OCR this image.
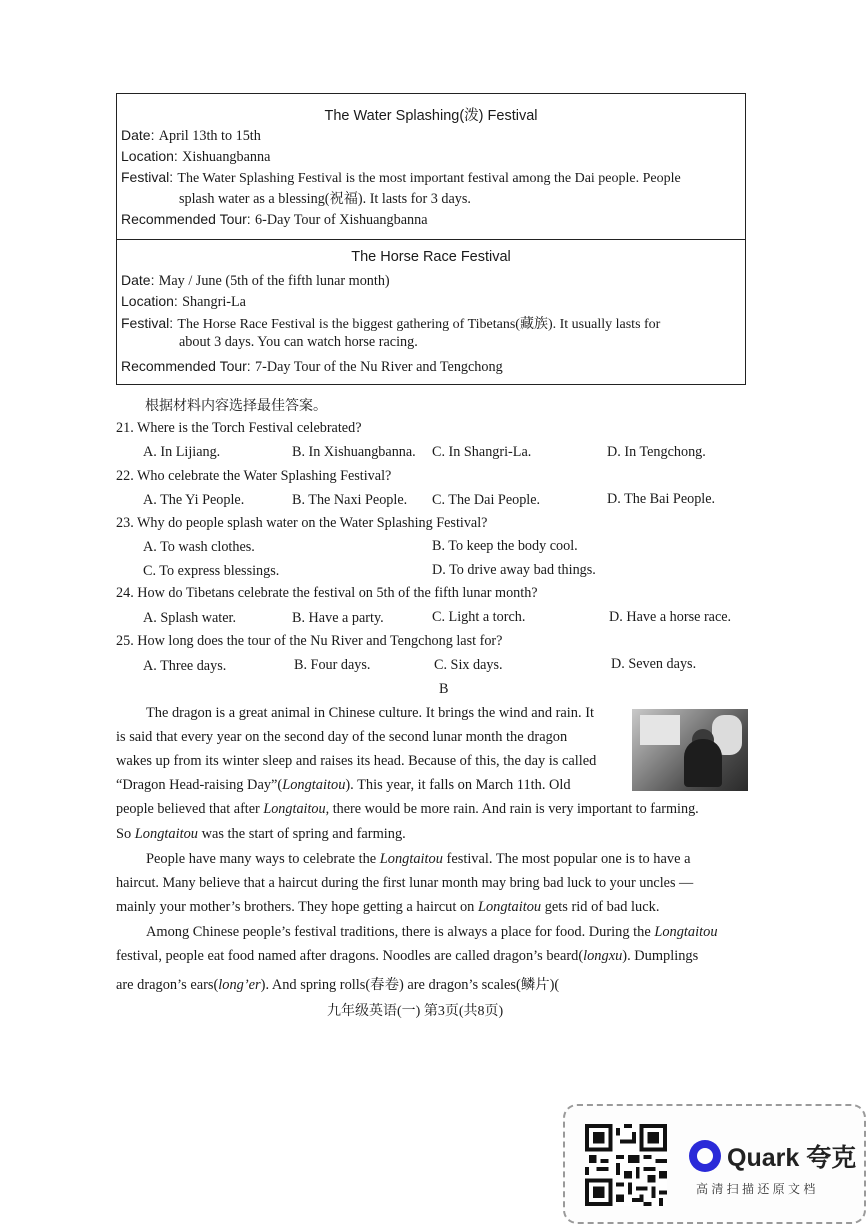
The Water Splashing(泼) Festival
Date: April 13th to 15th
Location: Xishuangbanna
Festival: The Water Splashing Festival is the most important festival among the Dai people. People
splash water as a blessing(祝福). It lasts for 3 days.
Recommended Tour: 6-Day Tour of Xishuangbanna
The Horse Race Festival
Date: May / June (5th of the fifth lunar month)
Location: Shangri-La
Festival: The Horse Race Festival is the biggest gathering of Tibetans(藏族). It usually lasts for
about 3 days. You can watch horse racing.
Recommended Tour: 7-Day Tour of the Nu River and Tengchong
根据材料内容选择最佳答案。
21. Where is the Torch Festival celebrated?
A. In Lijiang.	B. In Xishuangbanna. C. In Shangri-La.	D. In Tengchong.
22. Who celebrate the Water Splashing Festival?
A. The Yi People.	B. The Naxi People. C. The Dai People.	D. The Bai People.
23. Why do people splash water on the Water Splashing Festival?
A. To wash clothes.	B. To keep the body cool.
C. To express blessings.	D. To drive away bad things.
24. How do Tibetans celebrate the festival on 5th of the fifth lunar month?
A. Splash water.	B. Have a party.	C. Light a torch.	D. Have a horse race.
25. How long does the tour of the Nu River and Tengchong last for?
A. Three days.	B. Four days.	C. Six days.	D. Seven days.
B
The dragon is a great animal in Chinese culture. It brings the wind and rain. It
is said that every year on the second day of the second lunar month the dragon
wakes up from its winter sleep and raises its head. Because of this, the day is called
“Dragon Head-raising Day”(Longtaitou). This year, it falls on March 11th. Old
people believed that after Longtaitou, there would be more rain. And rain is very important to farming.
So Longtaitou was the start of spring and farming.
People have many ways to celebrate the Longtaitou festival. The most popular one is to have a
haircut. Many believe that a haircut during the first lunar month may bring bad luck to your uncles —
mainly your mother’s brothers. They hope getting a haircut on Longtaitou gets rid of bad luck.
Among Chinese people’s festival traditions, there is always a place for food. During the Longtaitou
festival, people eat food named after dragons. Noodles are called dragon’s beard(longxu). Dumplings
are dragon’s ears(long’er). And spring rolls(春卷) are dragon’s scales(鳞片)(
九年级英语(一) 第3页(共8页)
Quark 夸克
高 清 扫 描 还 原 文 档
